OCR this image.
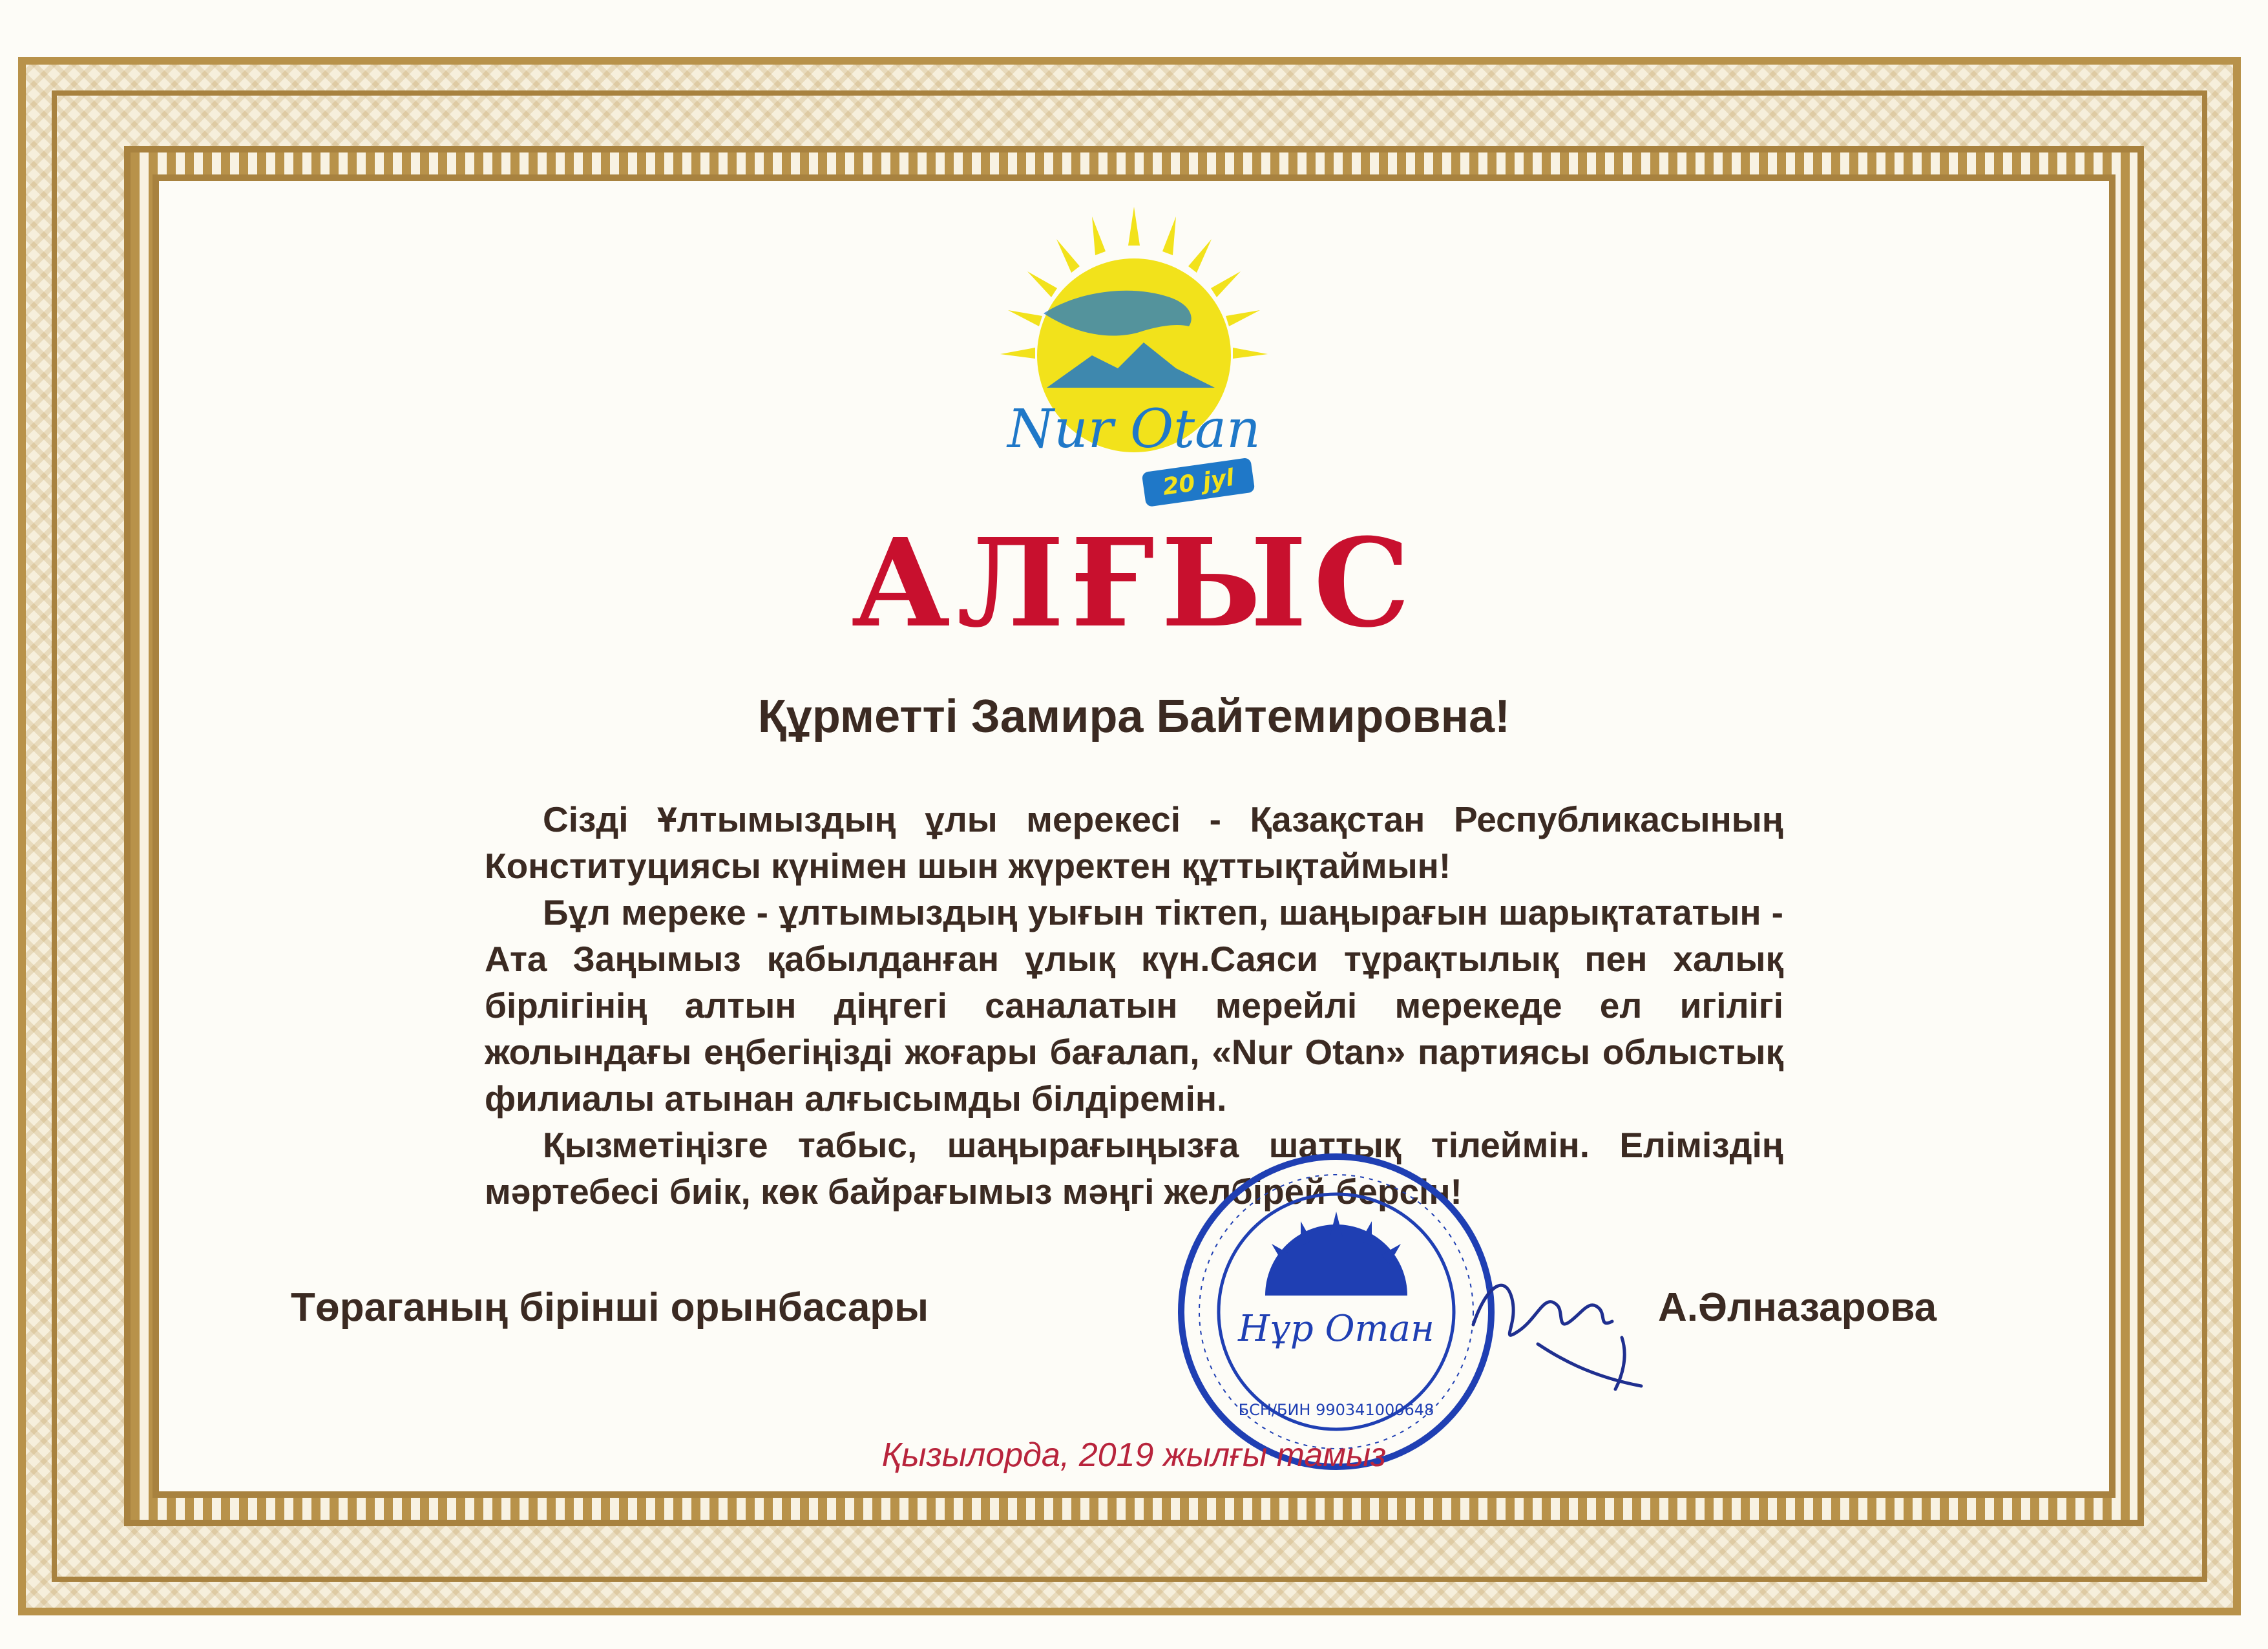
Nur Otan
20 jyl
АЛҒЫС
Құрметті Замира Байтемировна!

Сізді Ұлтымыздың ұлы мерекесі - Қазақстан Республикасының Конституциясы күнімен шын жүректен құттықтаймын!

Бұл мереке - ұлтымыздың уығын тіктеп, шаңырағын шарықтататын - Ата Заңымыз қабылданған ұлық күн.Саяси тұрақтылық пен халық бірлігінің алтын діңгегі саналатын мерейлі мерекеде ел игілігі жолындағы еңбегіңізді жоғары бағалап, «Nur Otan» партиясы облыстық филиалы атынан алғысымды білдіремін.

Қызметіңізге табыс, шаңырағыңызға шаттық тілеймін. Еліміздің мәртебесі биік, көк байрағымыз мәңгі желбірей берсін!

Төраганың бірінші орынбасары	Нұр Отан
БСН/БИН 990341000648
А.Әлназарова
Қызылорда, 2019 жылғы тамыз
